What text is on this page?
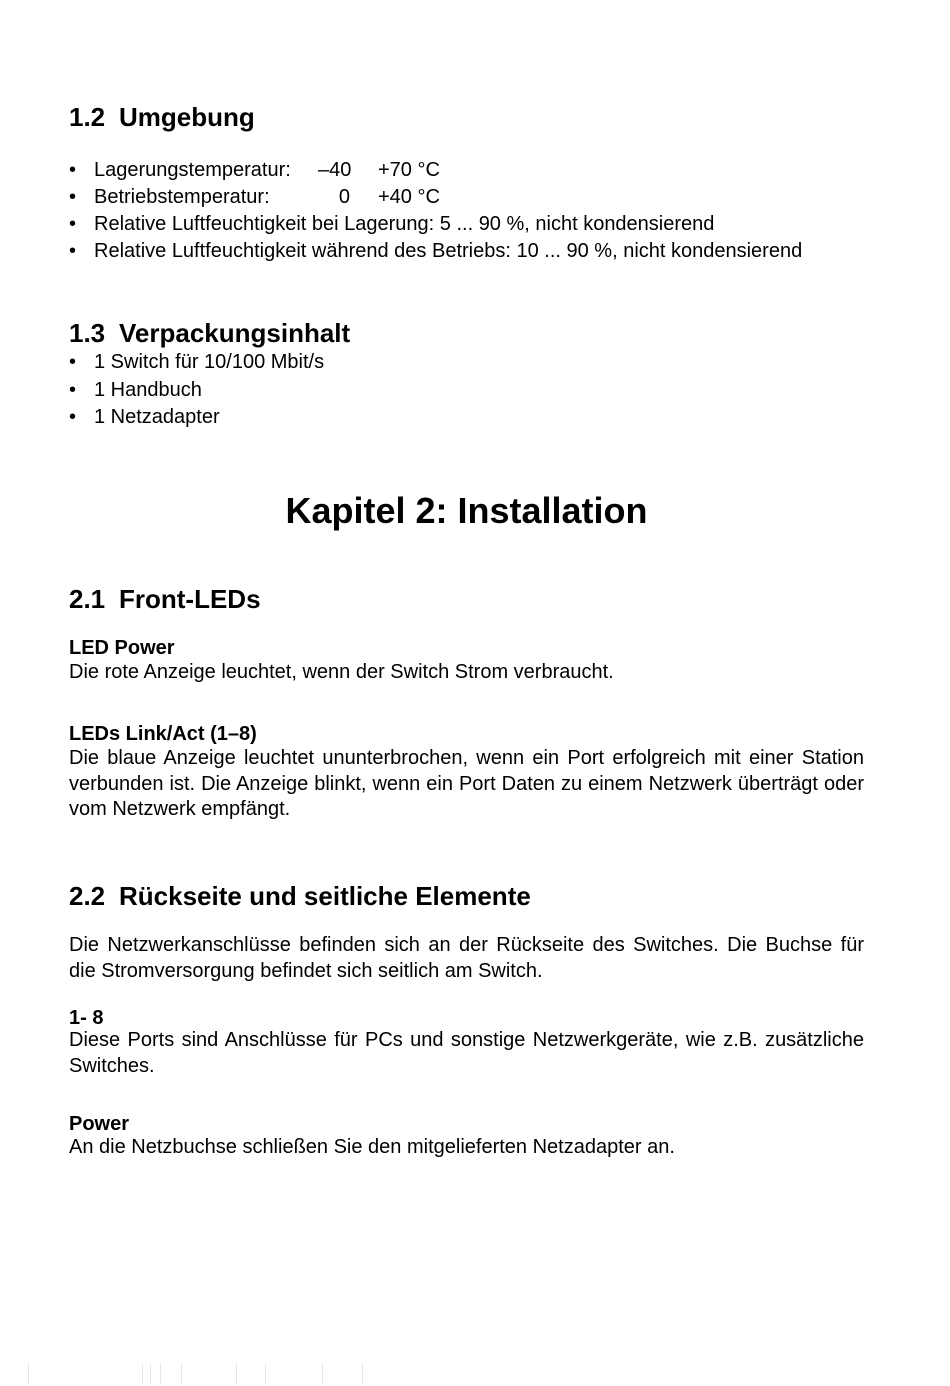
1.2 Umgebung
• Lagerungstemperatur: –40 +70 °C
• Betriebstemperatur:	0 +40 °C
• Relative Luftfeuchtigkeit bei Lagerung: 5 ... 90 %, nicht kondensierend
• Relative Luftfeuchtigkeit während des Betriebs: 10 ... 90 %, nicht kondensierend
1.3 Verpackungsinhalt
• 1 Switch für 10/100 Mbit/s
• 1 Handbuch
• 1 Netzadapter
Kapitel 2: Installation
2.1 Front-LEDs
LED Power

Die rote Anzeige leuchtet, wenn der Switch Strom verbraucht.

LEDs Link/Act (1–8)

Die blaue Anzeige leuchtet ununterbrochen, wenn ein Port erfolgreich mit einer Station verbunden ist. Die Anzeige blinkt, wenn ein Port Daten zu einem Netzwerk überträgt oder vom Netzwerk empfängt.

2.2 Rückseite und seitliche Elemente

Die Netzwerkanschlüsse befinden sich an der Rückseite des Switches. Die Buchse für die Stromversorgung befindet sich seitlich am Switch.

1- 8

Diese Ports sind Anschlüsse für PCs und sonstige Netzwerkgeräte, wie z.B. zusätzliche Switches.

Power

An die Netzbuchse schließen Sie den mitgelieferten Netzadapter an.
